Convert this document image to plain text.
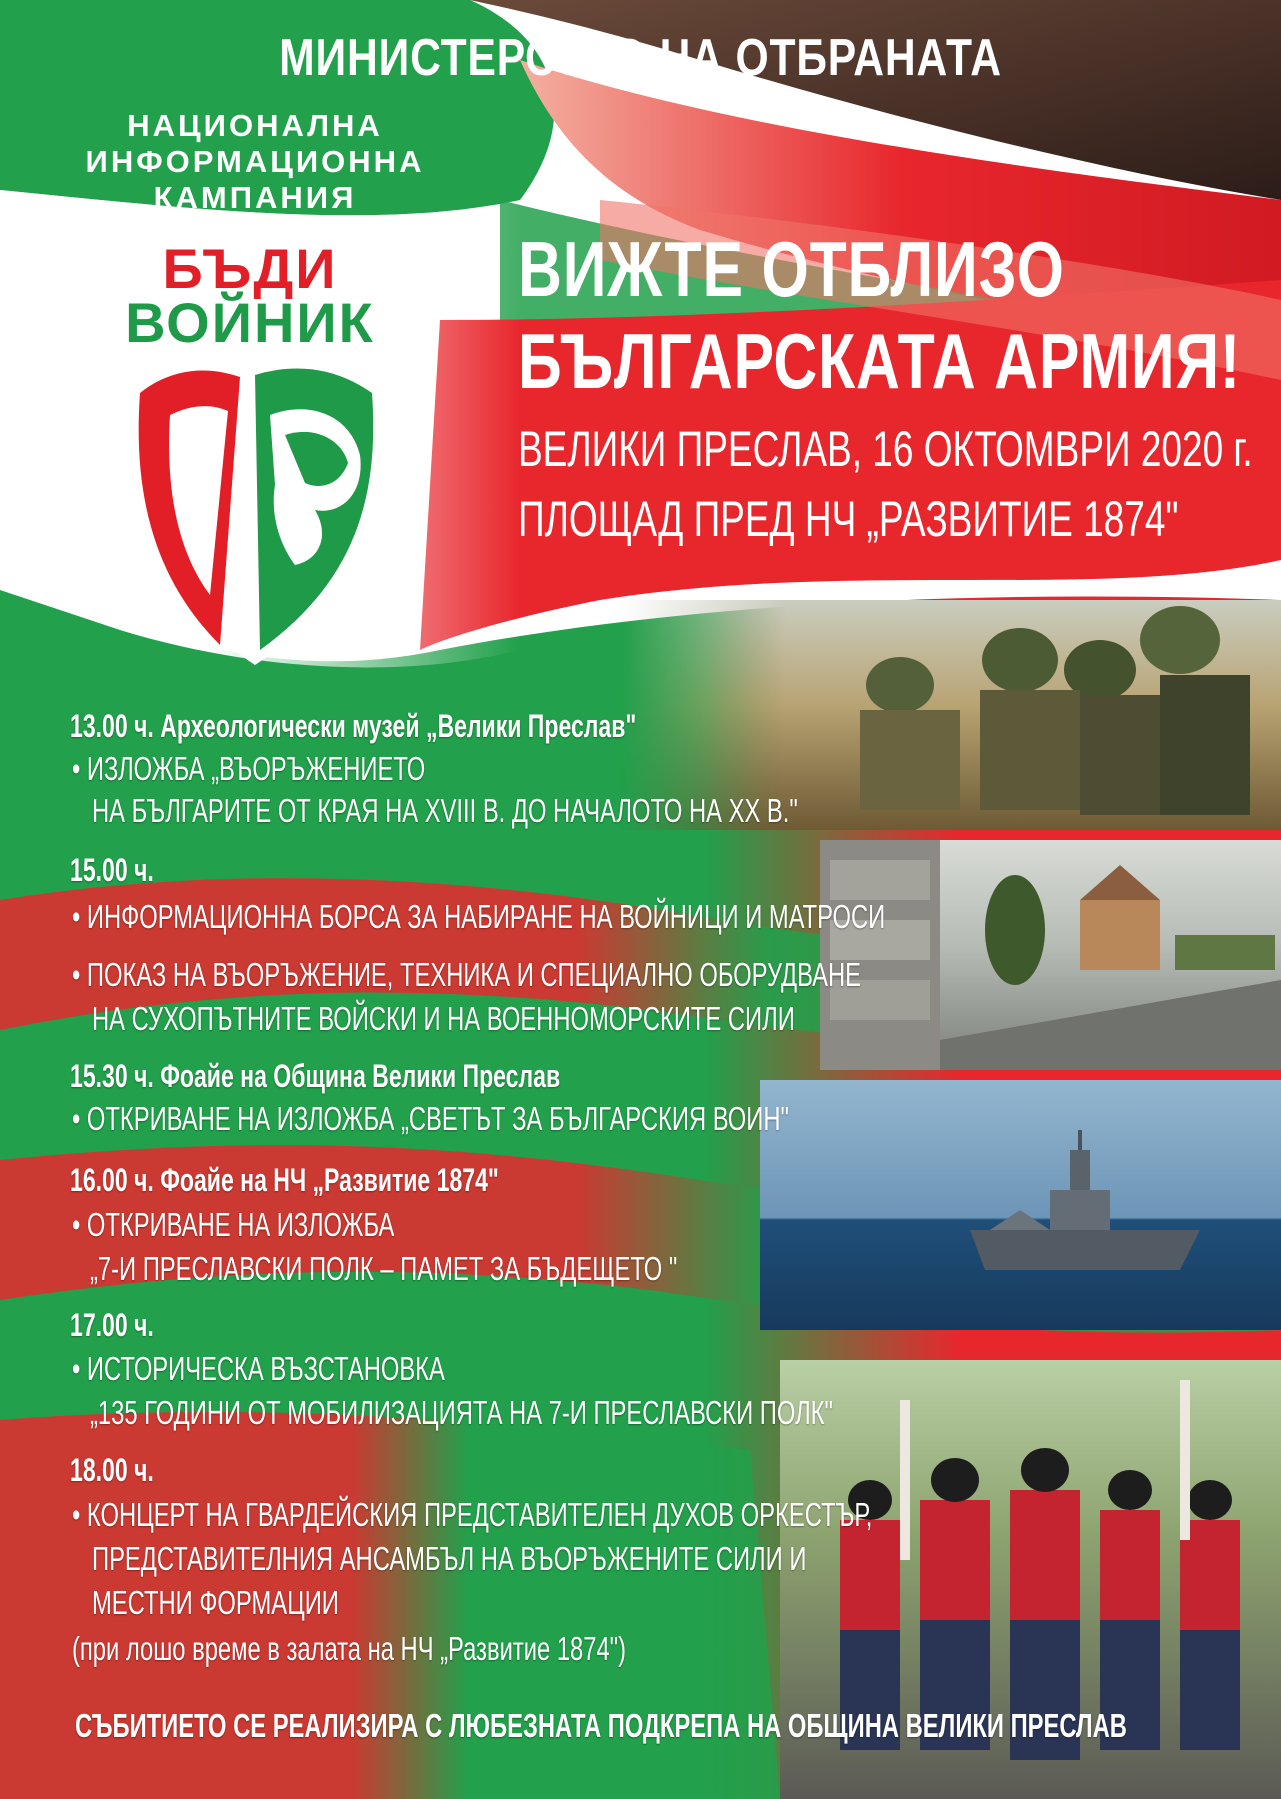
МИНИСТЕРСТВО НА ОТБРАНАТА
НАЦИОНАЛНА
ИНФОРМАЦИОННА
КАМПАНИЯ
БЪДИ
ВОЙНИК
ВИЖТЕ ОТБЛИЗО
БЪЛГАРСКАТА АРМИЯ!
ВЕЛИКИ ПРЕСЛАВ, 16 ОКТОМВРИ 2020 г.
ПЛОЩАД ПРЕД НЧ „РАЗВИТИЕ 1874"
13.00 ч. Археологически музей „Велики Преслав"
• ИЗЛОЖБА „ВЪОРЪЖЕНИЕТО
НА БЪЛГАРИТЕ ОТ КРАЯ НА XVIII В. ДО НАЧАЛОТО НА XX В."
15.00 ч.
• ИНФОРМАЦИОННА БОРСА ЗА НАБИРАНЕ НА ВОЙНИЦИ И МАТРОСИ
• ПОКАЗ НА ВЪОРЪЖЕНИЕ, ТЕХНИКА И СПЕЦИАЛНО ОБОРУДВАНЕ
НА СУХОПЪТНИТЕ ВОЙСКИ И НА ВОЕННОМОРСКИТЕ СИЛИ
15.30 ч. Фоайе на Община Велики Преслав
• ОТКРИВАНЕ НА ИЗЛОЖБА „СВЕТЪТ ЗА БЪЛГАРСКИЯ ВОИН"
16.00 ч. Фоайе на НЧ „Развитие 1874"
• ОТКРИВАНЕ НА ИЗЛОЖБА
„7-И ПРЕСЛАВСКИ ПОЛК – ПАМЕТ ЗА БЪДЕЩЕТО "
17.00 ч.
• ИСТОРИЧЕСКА ВЪЗСТАНОВКА
„135 ГОДИНИ ОТ МОБИЛИЗАЦИЯТА НА 7-И ПРЕСЛАВСКИ ПОЛК"
18.00 ч.
• КОНЦЕРТ НА ГВАРДЕЙСКИЯ ПРЕДСТАВИТЕЛЕН ДУХОВ ОРКЕСТЪР,
ПРЕДСТАВИТЕЛНИЯ АНСАМБЪЛ НА ВЪОРЪЖЕНИТЕ СИЛИ И
МЕСТНИ ФОРМАЦИИ
(при лошо време в залата на НЧ „Развитие 1874")
СЪБИТИЕТО СЕ РЕАЛИЗИРА С ЛЮБЕЗНАТА ПОДКРЕПА НА ОБЩИНА ВЕЛИКИ ПРЕСЛАВ
